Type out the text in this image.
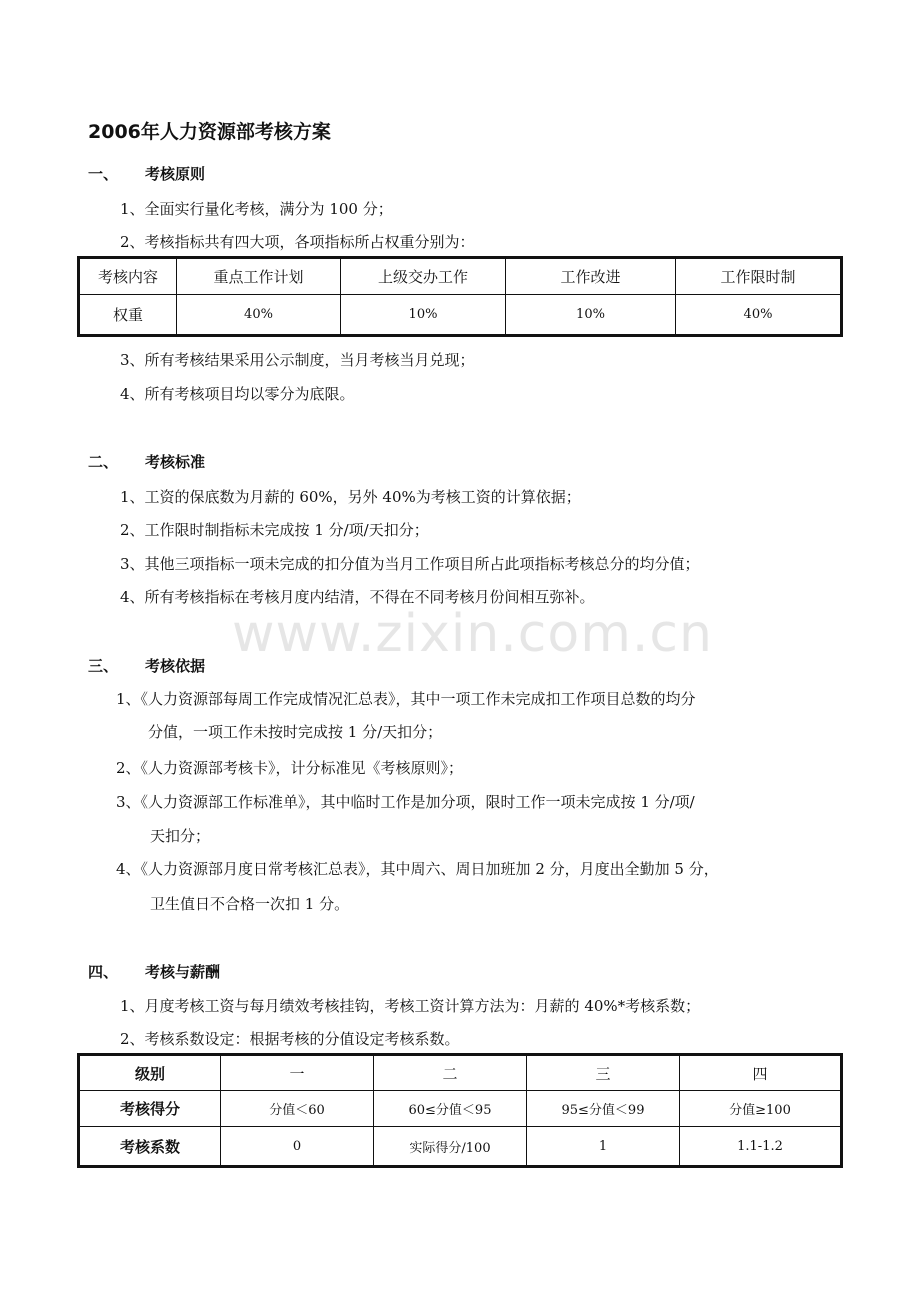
www.zixin.com.cn
2006年人力资源部考核方案
一、 考核原则
1、全面实行量化考核，满分为 100 分；
2、考核指标共有四大项，各项指标所占权重分别为：
考核内容	重点工作计划	上级交办工作	工作改进	工作限时制
权重	40%	10%	10%	40%
3、所有考核结果采用公示制度，当月考核当月兑现；
4、所有考核项目均以零分为底限。
二、 考核标准
1、工资的保底数为月薪的 60%，另外 40%为考核工资的计算依据；
2、工作限时制指标未完成按 1 分/项/天扣分；
3、其他三项指标一项未完成的扣分值为当月工作项目所占此项指标考核总分的均分值；
4、所有考核指标在考核月度内结清，不得在不同考核月份间相互弥补。
三、 考核依据
1、《人力资源部每周工作完成情况汇总表》，其中一项工作未完成扣工作项目总数的均分
分值，一项工作未按时完成按 1 分/天扣分；
2、《人力资源部考核卡》，计分标准见《考核原则》；
3、《人力资源部工作标准单》，其中临时工作是加分项，限时工作一项未完成按 1 分/项/
天扣分；
4、《人力资源部月度日常考核汇总表》，其中周六、周日加班加 2 分，月度出全勤加 5 分，
卫生值日不合格一次扣 1 分。
四、 考核与薪酬
1、月度考核工资与每月绩效考核挂钩，考核工资计算方法为：月薪的 40%*考核系数；
2、考核系数设定：根据考核的分值设定考核系数。
级别	一	二	三	四
考核得分	分值＜60	60≤分值＜95	95≤分值＜99	分值≥100
考核系数	0	实际得分/100	1	1.1-1.2
